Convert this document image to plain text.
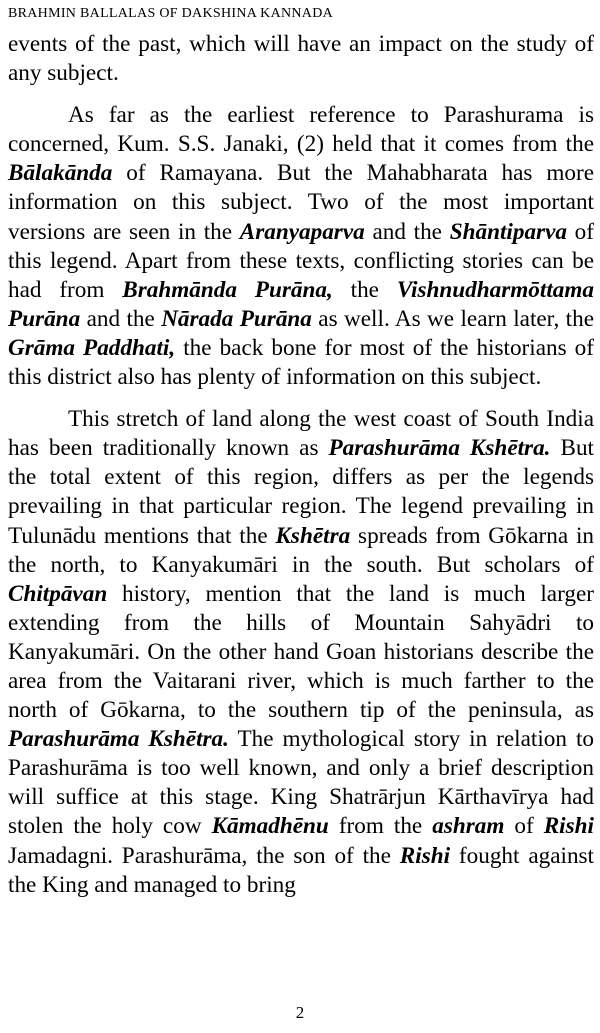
BRAHMIN BALLALAS OF DAKSHINA KANNADA

events of the past, which will have an impact on the study of any subject.

As far as the earliest reference to Parashurama is concerned, Kum. S.S. Janaki, (2) held that it comes from the Bālakānda of Ramayana. But the Mahabharata has more information on this subject. Two of the most important versions are seen in the Aranyaparva and the Shāntiparva of this legend. Apart from these texts, conflicting stories can be had from Brahmānda Purāna, the Vishnudharmōttama Purāna and the Nārada Purāna as well. As we learn later, the Grāma Paddhati, the back bone for most of the historians of this district also has plenty of information on this subject.

This stretch of land along the west coast of South India has been traditionally known as Parashurāma Kshētra. But the total extent of this region, differs as per the legends prevailing in that particular region. The legend prevailing in Tulunādu mentions that the Kshētra spreads from Gōkarna in the north, to Kanyakumāri in the south. But scholars of Chitpāvan history, mention that the land is much larger extending from the hills of Mountain Sahyādri to Kanyakumāri. On the other hand Goan historians describe the area from the Vaitarani river, which is much farther to the north of Gōkarna, to the southern tip of the peninsula, as Parashurāma Kshētra. The mythological story in relation to Parashurāma is too well known, and only a brief description will suffice at this stage. King Shatrārjun Kārthavīrya had stolen the holy cow Kāmadhēnu from the ashram of Rishi Jamadagni. Parashurāma, the son of the Rishi fought against the King and managed to bring

2
